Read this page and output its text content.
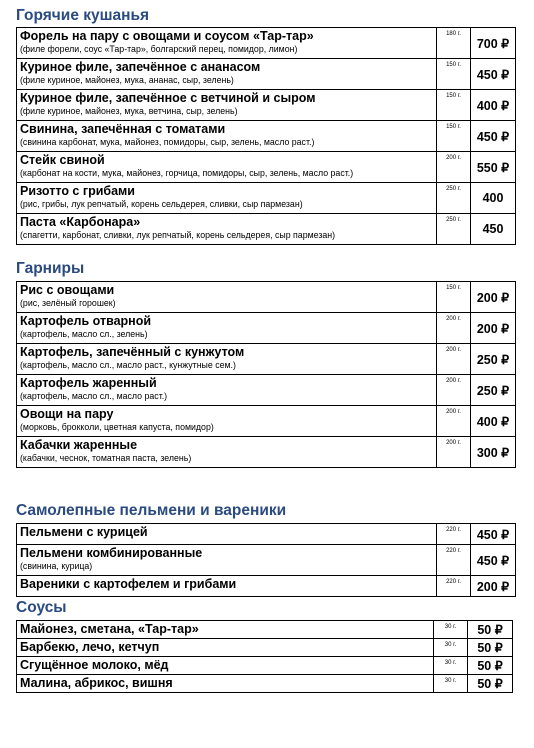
Горячие кушанья
Форель на пару с овощами и соусом «Тар-тар»
(филе форели, соус «Тар-тар», болгарский перец, помидор, лимон)	180 г.	700 ₽

Куриное филе, запечённое с ананасом
(филе куриное, майонез, мука, ананас, сыр, зелень)	150 г.	450 ₽

Куриное филе, запечённое с ветчиной и сыром
(филе куриное, майонез, мука, ветчина, сыр, зелень)	150 г.	400 ₽

Свинина, запечённая с томатами
(свинина карбонат, мука, майонез, помидоры, сыр, зелень, масло раст.)	150 г.	450 ₽

Стейк свиной
(карбонат на кости, мука, майонез, горчица, помидоры, сыр, зелень, масло раст.)	200 г.	550 ₽

Ризотто с грибами
(рис, грибы, лук репчатый, корень сельдерея, сливки, сыр пармезан)	250 г.	400

Паста «Карбонара»
(спагетти, карбонат, сливки, лук репчатый, корень сельдерея, сыр пармезан)	250 г.	450
Гарниры
Рис с овощами
(рис, зелёный горошек)	150 г.	200 ₽

Картофель отварной
(картофель, масло сл., зелень)	200 г.	200 ₽

Картофель, запечённый с кунжутом
(картофель, масло сл., масло раст., кунжутные сем.)	200 г.	250 ₽

Картофель жаренный
(картофель, масло сл., масло раст.)	200 г.	250 ₽

Овощи на пару
(морковь, брокколи, цветная капуста, помидор)	200 г.	400 ₽

Кабачки жаренные
(кабачки, чеснок, томатная паста, зелень)	200 г.	300 ₽
Самолепные пельмени и вареники
Пельмени с курицей	220 г.	450 ₽

Пельмени комбинированные
(свинина, курица)	220 г.	450 ₽

Вареники с картофелем и грибами	220 г.	200 ₽
Соусы
Майонез, сметана, «Тар-тар»	30 г.	50 ₽

Барбекю, лечо, кетчуп	30 г.	50 ₽

Сгущённое молоко, мёд	30 г.	50 ₽

Малина, абрикос, вишня	30 г.	50 ₽
